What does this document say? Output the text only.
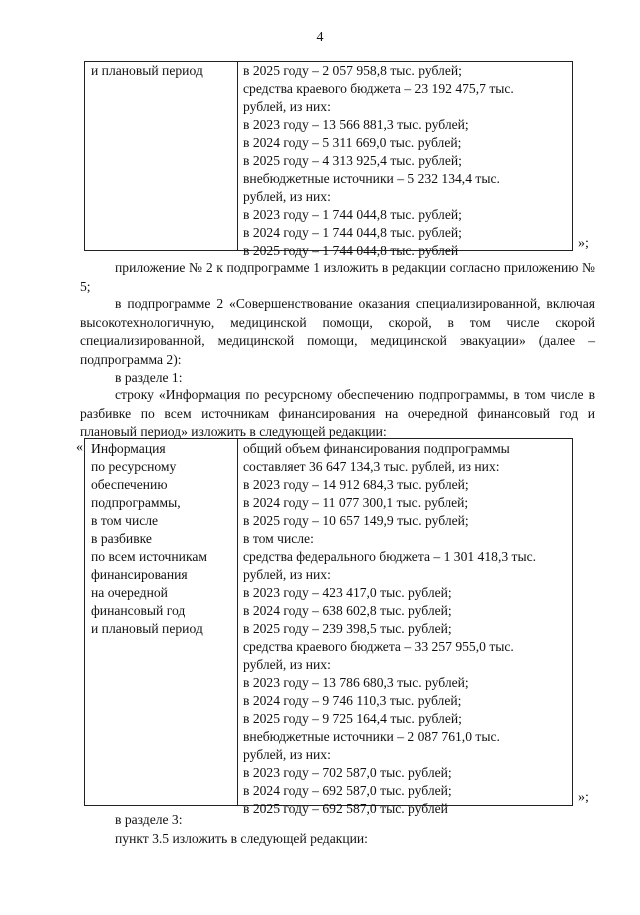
4
и плановый период	в 2025 году – 2 057 958,8 тыс. рублей;
средства краевого бюджета – 23 192 475,7 тыс.
рублей, из них:
в 2023 году – 13 566 881,3 тыс. рублей;
в 2024 году – 5 311 669,0 тыс. рублей;
в 2025 году – 4 313 925,4 тыс. рублей;
внебюджетные источники – 5 232 134,4 тыс.
рублей, из них:
в 2023 году – 1 744 044,8 тыс. рублей;
в 2024 году – 1 744 044,8 тыс. рублей;
в 2025 году – 1 744 044,8 тыс. рублей	»;
приложение № 2 к подпрограмме 1 изложить в редакции согласно приложению № 5;
в подпрограмме 2 «Совершенствование оказания специализированной, включая высокотехнологичную, медицинской помощи, скорой, в том числе скорой специализированной, медицинской помощи, медицинской эвакуации» (далее – подпрограмма 2):
в разделе 1:
строку «Информация по ресурсному обеспечению подпрограммы, в том числе в разбивке по всем источникам финансирования на очередной финансовый год и плановый период» изложить в следующей редакции:
« Информация
по ресурсному
обеспечению
подпрограммы,
в том числе
в разбивке
по всем источникам
финансирования
на очередной
финансовый год
и плановый период
общий объем финансирования подпрограммы
составляет 36 647 134,3 тыс. рублей, из них:
в 2023 году – 14 912 684,3 тыс. рублей;
в 2024 году – 11 077 300,1 тыс. рублей;
в 2025 году – 10 657 149,9 тыс. рублей;
в том числе:
средства федерального бюджета – 1 301 418,3 тыс.
рублей, из них:
в 2023 году – 423 417,0 тыс. рублей;
в 2024 году – 638 602,8 тыс. рублей;
в 2025 году – 239 398,5 тыс. рублей;
средства краевого бюджета – 33 257 955,0 тыс.
рублей, из них:
в 2023 году – 13 786 680,3 тыс. рублей;
в 2024 году – 9 746 110,3 тыс. рублей;
в 2025 году – 9 725 164,4 тыс. рублей;
внебюджетные источники – 2 087 761,0 тыс.
рублей, из них:
в 2023 году – 702 587,0 тыс. рублей;
в 2024 году – 692 587,0 тыс. рублей;
в 2025 году – 692 587,0 тыс. рублей
»;
в разделе 3:
пункт 3.5 изложить в следующей редакции:
